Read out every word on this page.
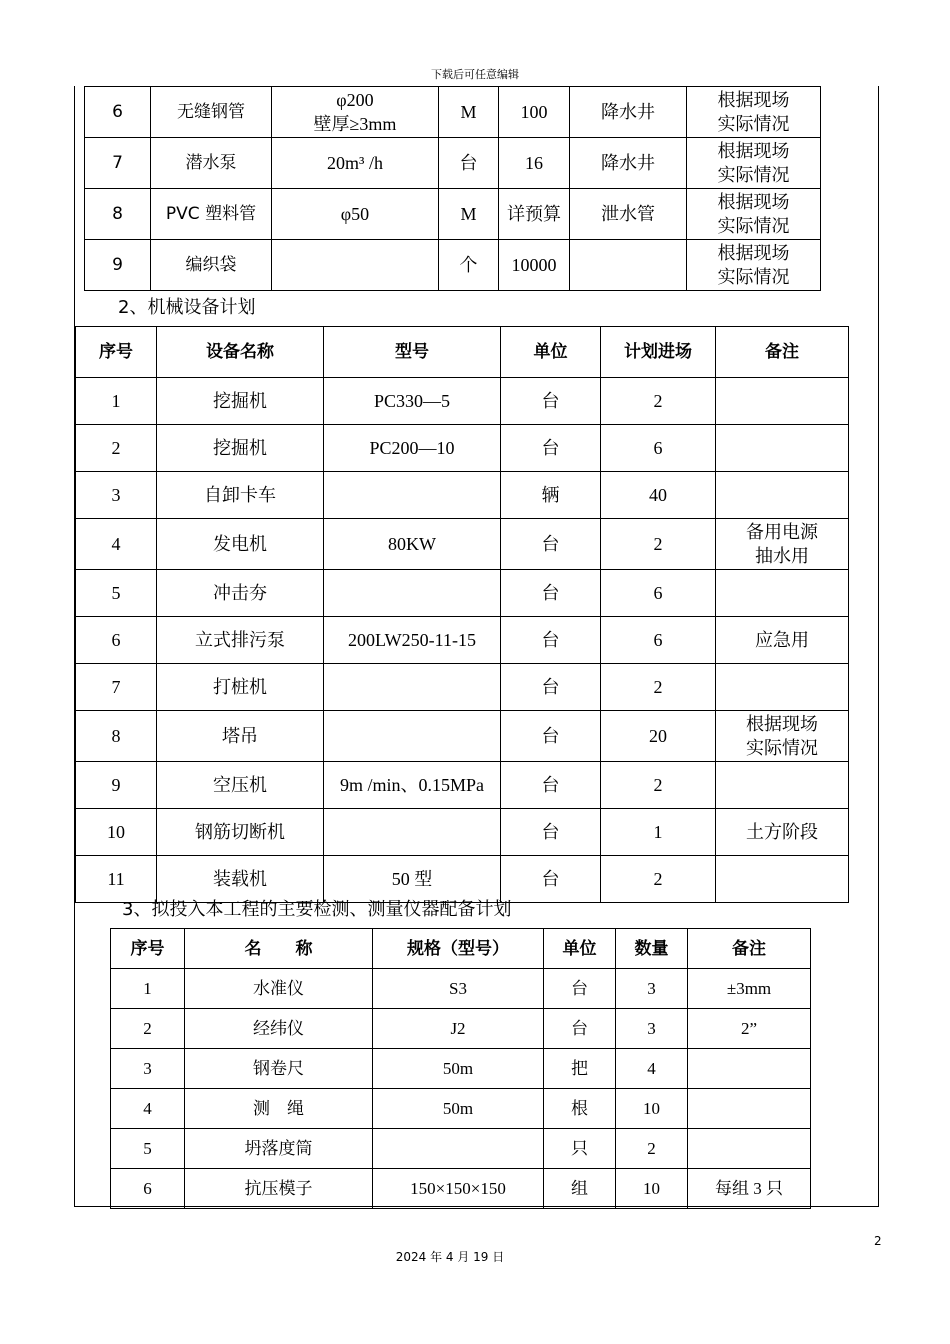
下载后可任意编辑
6	无缝钢管	φ200
壁厚≥3mm	M	100	降水井	根据现场
实际情况

7	潜水泵	20m³ /h	台	16	降水井	根据现场
实际情况

8	PVC 塑料管	φ50	M	详预算	泄水管	根据现场
实际情况

9	编织袋		个	10000		根据现场
实际情况
2、机械设备计划
序号	设备名称	型号	单位	计划进场	备注
1	挖掘机	PC330—5	台	2	
2	挖掘机	PC200—10	台	6	
3	自卸卡车		辆	40	
4	发电机	80KW	台	2	备用电源
抽水用

5	冲击夯		台	6	
6	立式排污泵	200LW250-11-15	台	6	应急用
7	打桩机		台	2	
8	塔吊		台	20	根据现场
实际情况

9	空压机	9m /min、0.15MPa	台	2	
10	钢筋切断机		台	1	土方阶段
11	装载机	50 型	台	2	
3、拟投入本工程的主要检测、测量仪器配备计划
序号	名　　称	规格（型号）	单位	数量	备注
1	水准仪	S3	台	3	±3mm
2	经纬仪	J2	台	3	2”
3	钢卷尺	50m	把	4	
4	测　绳	50m	根	10	
5	坍落度筒		只	2	
6	抗压模子	150×150×150	组	10	每组 3 只
2
2024 年 4 月 19 日
